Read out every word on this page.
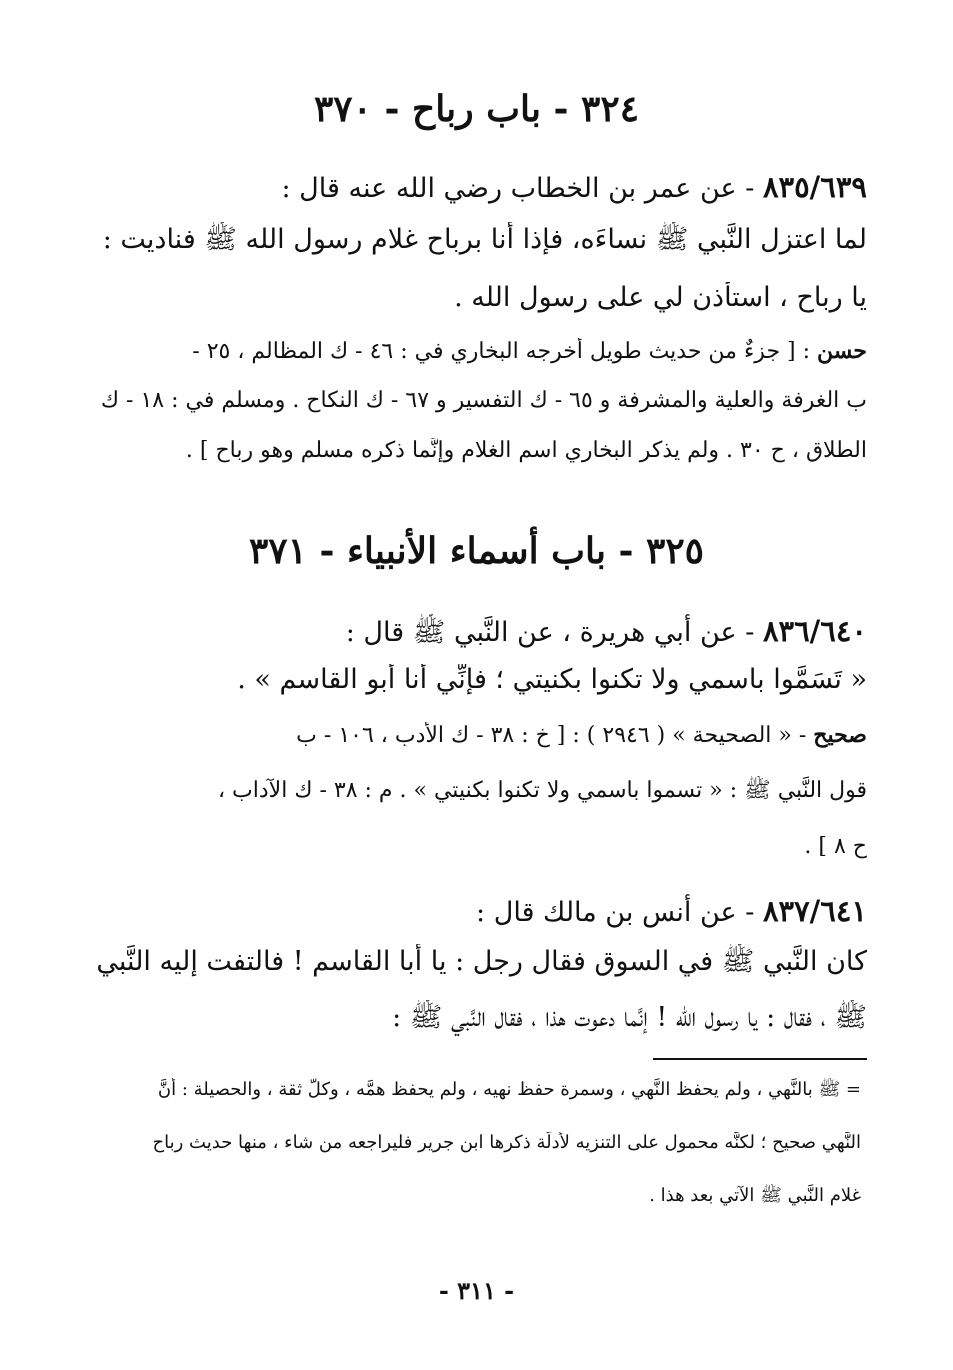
٣٢٤ - باب رباح - ٣٧٠
٨٣٥/٦٣٩ - عن عمر بن الخطاب رضي الله عنه قال :
لما اعتزل النَّبي ﷺ نساءَه، فإذا أنا برباح غلام رسول الله ﷺ فناديت :
يا رباح ، استأذن لي على رسول الله .
حسن : [ جزءٌ من حديث طويل أخرجه البخاري في : ٤٦ - ك المظالم ، ٢٥ -
ب الغرفة والعلية والمشرفة و ٦٥ - ك التفسير و ٦٧ - ك النكاح . ومسلم في : ١٨ - ك
الطلاق ، ح ٣٠ . ولم يذكر البخاري اسم الغلام وإنَّما ذكره مسلم وهو رباح ] .
٣٢٥ - باب أسماء الأنبياء - ٣٧١
٨٣٦/٦٤٠ - عن أبي هريرة ، عن النَّبي ﷺ قال :
« تَسَمَّوا باسمي ولا تكنوا بكنيتي ؛ فإنِّي أنا أبو القاسم » .
صحيح - « الصحيحة » ( ٢٩٤٦ ) : [ خ : ٣٨ - ك الأدب ، ١٠٦ - ب
قول النَّبي ﷺ : « تسموا باسمي ولا تكنوا بكنيتي » . م : ٣٨ - ك الآداب ،
ح ٨ ] .
٨٣٧/٦٤١ - عن أنس بن مالك قال :
كان النَّبي ﷺ في السوق فقال رجل : يا أبا القاسم ! فالتفت إليه النَّبي
ﷺ ، فقال : يا رسول الله ! إنَّما دعوت هذا ، فقال النَّبي ﷺ :
= ﷺ بالنَّهي ، ولم يحفظ النَّهي ، وسمرة حفظ نهيه ، ولم يحفظ همَّه ، وكلٌّ ثقة ، والحصيلة : أنَّ
النَّهي صحيح ؛ لكنَّه محمول على التنزيه لأدلَّة ذكرها ابن جرير فليراجعه من شاء ، منها حديث رباح
غلام النَّبي ﷺ الآتي بعد هذا .
- ٣١١ -
